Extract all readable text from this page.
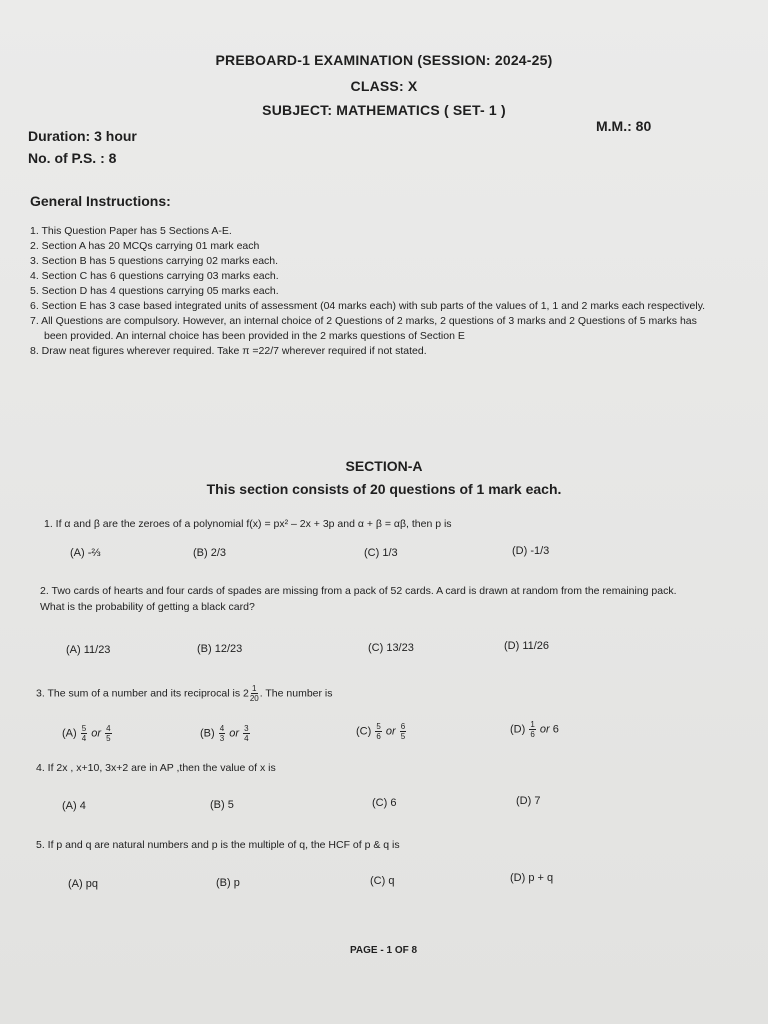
PREBOARD-1 EXAMINATION (SESSION: 2024-25)
CLASS: X
SUBJECT: MATHEMATICS ( SET- 1 )
Duration: 3 hour
No. of P.S. : 8
M.M.: 80
General Instructions:
1. This Question Paper has 5 Sections A-E.
2. Section A has 20 MCQs carrying 01 mark each
3. Section B has 5 questions carrying 02 marks each.
4. Section C has 6 questions carrying 03 marks each.
5. Section D has 4 questions carrying 05 marks each.
6. Section E has 3 case based integrated units of assessment (04 marks each) with sub parts of the values of 1, 1 and 2 marks each respectively.
7. All Questions are compulsory. However, an internal choice of 2 Questions of 2 marks, 2 questions of 3 marks and 2 Questions of 5 marks has been provided. An internal choice has been provided in the 2 marks questions of Section E
8. Draw neat figures wherever required. Take π =22/7 wherever required if not stated.
SECTION-A
This section consists of 20 questions of 1 mark each.
1. If α and β are the zeroes of a polynomial f(x) = px² – 2x + 3p and α + β = αβ, then p is
(A) -⅔	(B) 2/3	(C) 1/3	(D) -1/3
2. Two cards of hearts and four cards of spades are missing from a pack of 52 cards. A card is drawn at random from the remaining pack. What is the probability of getting a black card?
(A) 11/23	(B) 12/23	(C) 13/23	(D) 11/26
3. The sum of a number and its reciprocal is $2 \frac{1}{20}$ . The number is
$(A) \frac{5}{4}$ or $\frac{4}{5}$	$(B) \frac{4}{3}$ or $\frac{3}{4}$	$(C) \frac{5}{6}$ or $\frac{6}{5}$	$(D) \frac{1}{6}$ or 6
4. If 2x , x+10, 3x+2 are in AP ,then the value of x is
(A) 4	(B) 5	(C) 6	(D) 7
5. If p and q are natural numbers and p is the multiple of q, the HCF of p & q is
(A) pq	(B) p	(C) q	(D) p + q
PAGE - 1 OF 8
